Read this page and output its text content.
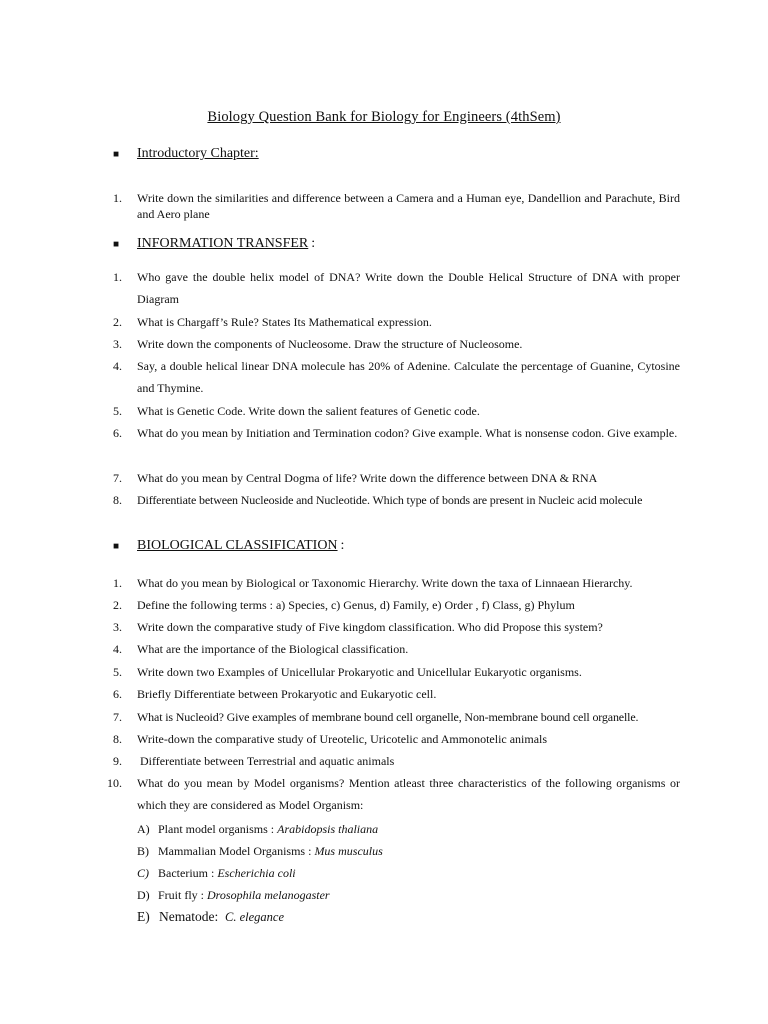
Biology Question Bank for Biology for Engineers (4thSem)
■	Introductory Chapter:
1.	Write down the similarities and difference between a Camera and a Human eye, Dandellion and Parachute, Bird and Aero plane
■	INFORMATION TRANSFER :
1.	Who gave the double helix model of DNA? Write down the Double Helical Structure of DNA with proper Diagram
2.	What is Chargaff’s Rule? States Its Mathematical expression.
3.	Write down the components of Nucleosome. Draw the structure of Nucleosome.
4.	Say, a double helical linear DNA molecule has 20% of Adenine. Calculate the percentage of Guanine, Cytosine and Thymine.
5.	What is Genetic Code. Write down the salient features of Genetic code.
6.	What do you mean by Initiation and Termination codon? Give example. What is nonsense codon. Give example.
7.	What do you mean by Central Dogma of life? Write down the difference between DNA & RNA
8.	Differentiate between Nucleoside and Nucleotide. Which type of bonds are present in Nucleic acid molecule
■	BIOLOGICAL CLASSIFICATION :
1.	What do you mean by Biological or Taxonomic Hierarchy. Write down the taxa of Linnaean Hierarchy.
2.	Define the following terms : a) Species, c) Genus, d) Family, e) Order , f) Class, g) Phylum
3.	Write down the comparative study of Five kingdom classification. Who did Propose this system?
4.	What are the importance of the Biological classification.
5.	Write down two Examples of Unicellular Prokaryotic and Unicellular Eukaryotic organisms.
6.	Briefly Differentiate between Prokaryotic and Eukaryotic cell.
7.	What is Nucleoid? Give examples of membrane bound cell organelle, Non-membrane bound cell organelle.
8.	Write-down the comparative study of Ureotelic, Uricotelic and Ammonotelic animals
9.	Differentiate between Terrestrial and aquatic animals
10.	What do you mean by Model organisms? Mention atleast three characteristics of the following organisms or which they are considered as Model Organism:
A) Plant model organisms : Arabidopsis thaliana
B) Mammalian Model Organisms : Mus musculus
C) Bacterium : Escherichia coli
D) Fruit fly : Drosophila melanogaster
E) Nematode: C. elegance
